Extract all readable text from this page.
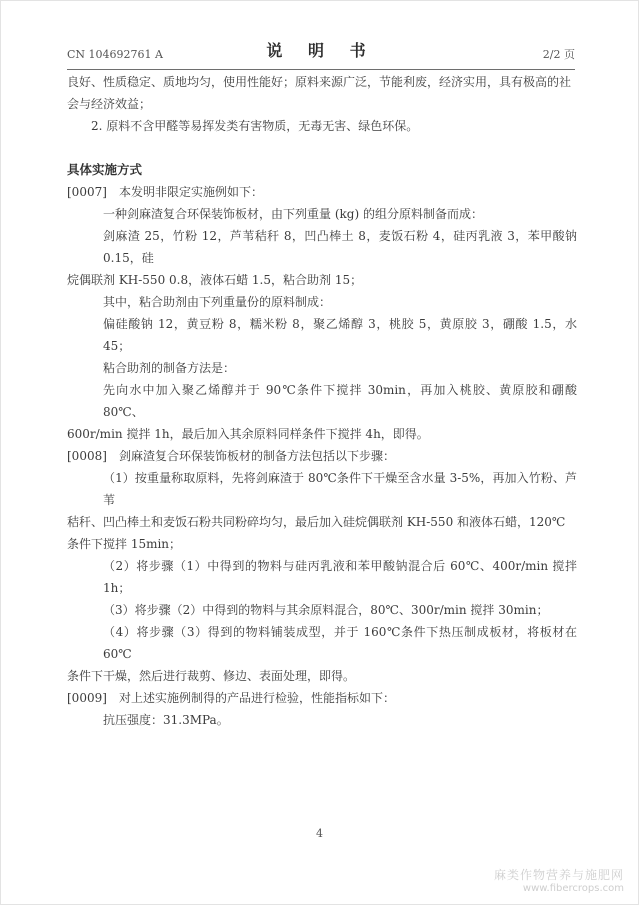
CN 104692761 A	说 明 书	2/2 页

良好、性质稳定、质地均匀，使用性能好；原料来源广泛，节能利废，经济实用，具有极高的社

会与经济效益；

2. 原料不含甲醛等易挥发类有害物质，无毒无害、绿色环保。

具体实施方式

[0007]	本发明非限定实施例如下：

一种剑麻渣复合环保装饰板材，由下列重量 (kg) 的组分原料制备而成：

剑麻渣 25，竹粉 12，芦苇秸秆 8，凹凸棒土 8，麦饭石粉 4，硅丙乳液 3，苯甲酸钠 0.15，硅

烷偶联剂 KH-550 0.8，液体石蜡 1.5，粘合助剂 15；

其中，粘合助剂由下列重量份的原料制成：

偏硅酸钠 12，黄豆粉 8，糯米粉 8，聚乙烯醇 3，桃胶 5，黄原胶 3，硼酸 1.5，水 45；

粘合助剂的制备方法是：

先向水中加入聚乙烯醇并于 90℃条件下搅拌 30min，再加入桃胶、黄原胶和硼酸 80℃、

600r/min 搅拌 1h，最后加入其余原料同样条件下搅拌 4h，即得。

[0008]	剑麻渣复合环保装饰板材的制备方法包括以下步骤：

（1）按重量称取原料，先将剑麻渣于 80℃条件下干燥至含水量 3-5%，再加入竹粉、芦苇

秸秆、凹凸棒土和麦饭石粉共同粉碎均匀，最后加入硅烷偶联剂 KH-550 和液体石蜡，120℃

条件下搅拌 15min；

（2）将步骤（1）中得到的物料与硅丙乳液和苯甲酸钠混合后 60℃、400r/min 搅拌 1h；

（3）将步骤（2）中得到的物料与其余原料混合，80℃、300r/min 搅拌 30min；

（4）将步骤（3）得到的物料铺装成型，并于 160℃条件下热压制成板材，将板材在 60℃

条件下干燥，然后进行裁剪、修边、表面处理，即得。

[0009]	对上述实施例制得的产品进行检验，性能指标如下：

抗压强度：31.3MPa。

4
麻类作物营养与施肥网
www.fibercrops.com
